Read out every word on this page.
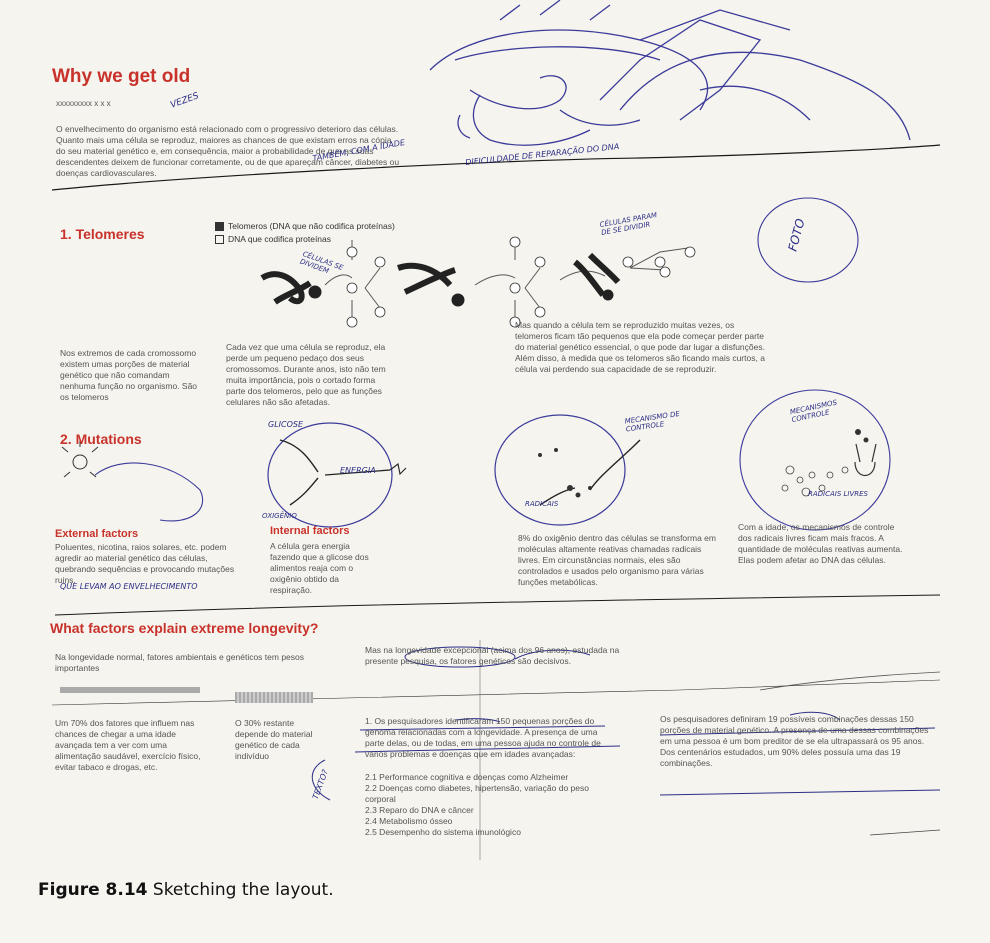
Why we get old
xxxxxxxxx x x x
O envelhecimento do organismo está relacionado com o progressivo deterioro das células. Quanto mais uma célula se reproduz, maiores as chances de que existam erros na cópia do seu material genético e, em consequência, maior a probabilidade de que as suas descendentes deixem de funcionar corretamente, ou de que apareçam câncer, diabetes ou doenças cardiovasculares.
VEZES
TAMBÉM, COM A IDADE	DIFICULDADE DE REPARAÇÃO DO DNA
1. Telomeres	Telomeros (DNA que não codifica proteínas)
DNA que codifica proteínas
CÉLULAS SE DIVIDEM
CÉLULAS PARAM DE SE DIVIDIR	FOTO
Nos extremos de cada cromossomo existem umas porções de material genético que não comandam nenhuma função no organismo. São os telomeros
Cada vez que uma célula se reproduz, ela perde um pequeno pedaço dos seus cromossomos. Durante anos, isto não tem muita importância, pois o cortado forma parte dos telomeros, pelo que as funções celulares não são afetadas.
Mas quando a célula tem se reproduzido muitas vezes, os telomeros ficam tão pequenos que ela pode começar perder parte do material genético essencial, o que pode dar lugar a disfunções. Além disso, à medida que os telomeros são ficando mais curtos, a célula vai perdendo sua capacidade de se reproduzir.
2. Mutations
GLICOSE
ENERGIA
OXIGÊNIO
MECANISMO DE CONTROLE
RADICAIS
MECANISMOS CONTROLE
RADICAIS LIVRES
External factors
Poluentes, nicotina, raios solares, etc. podem agredir ao material genético das células, quebrando sequências e provocando mutações ruins.
QUE LEVAM AO ENVELHECIMENTO
Internal factors
A célula gera energia fazendo que a glicose dos alimentos reaja com o oxigênio obtido da respiração.
8% do oxigênio dentro das células se transforma em moléculas altamente reativas chamadas radicais livres. Em circunstâncias normais, eles são controlados e usados pelo organismo para várias funções metabólicas.
Com a idade, os mecanismos de controle dos radicais livres ficam mais fracos. A quantidade de moléculas reativas aumenta. Elas podem afetar ao DNA das células.
What factors explain extreme longevity?
Na longevidade normal, fatores ambientais e genéticos tem pesos importantes
Mas na longevidade excepcional (acima dos 96 anos), estudada na presente pesquisa, os fatores genéticos são decisivos.
Um 70% dos fatores que influem nas chances de chegar a uma idade avançada tem a ver com uma alimentação saudável, exercício físico, evitar tabaco e drogas, etc.
O 30% restante depende do material genético de cada indivíduo
1. Os pesquisadores identificaram 150 pequenas porções do genoma relacionadas com a longevidade. A presença de uma parte delas, ou de todas, em uma pessoa ajuda no controle de vários problemas e doenças que em idades avançadas:
2.1 Performance cognitiva e doenças como Alzheimer
2.2 Doenças como diabetes, hipertensão, variação do peso corporal
2.3 Reparo do DNA e câncer
2.4 Metabolismo ósseo
2.5 Desempenho do sistema imunológico
Os pesquisadores definiram 19 possíveis combinações dessas 150 porções de material genético. A presença de uma dessas combinações em uma pessoa é um bom preditor de se ela ultrapassará os 95 anos. Dos centenários estudados, um 90% deles possuía uma das 19 combinações.
TEXTO?
Figure 8.14 Sketching the layout.
